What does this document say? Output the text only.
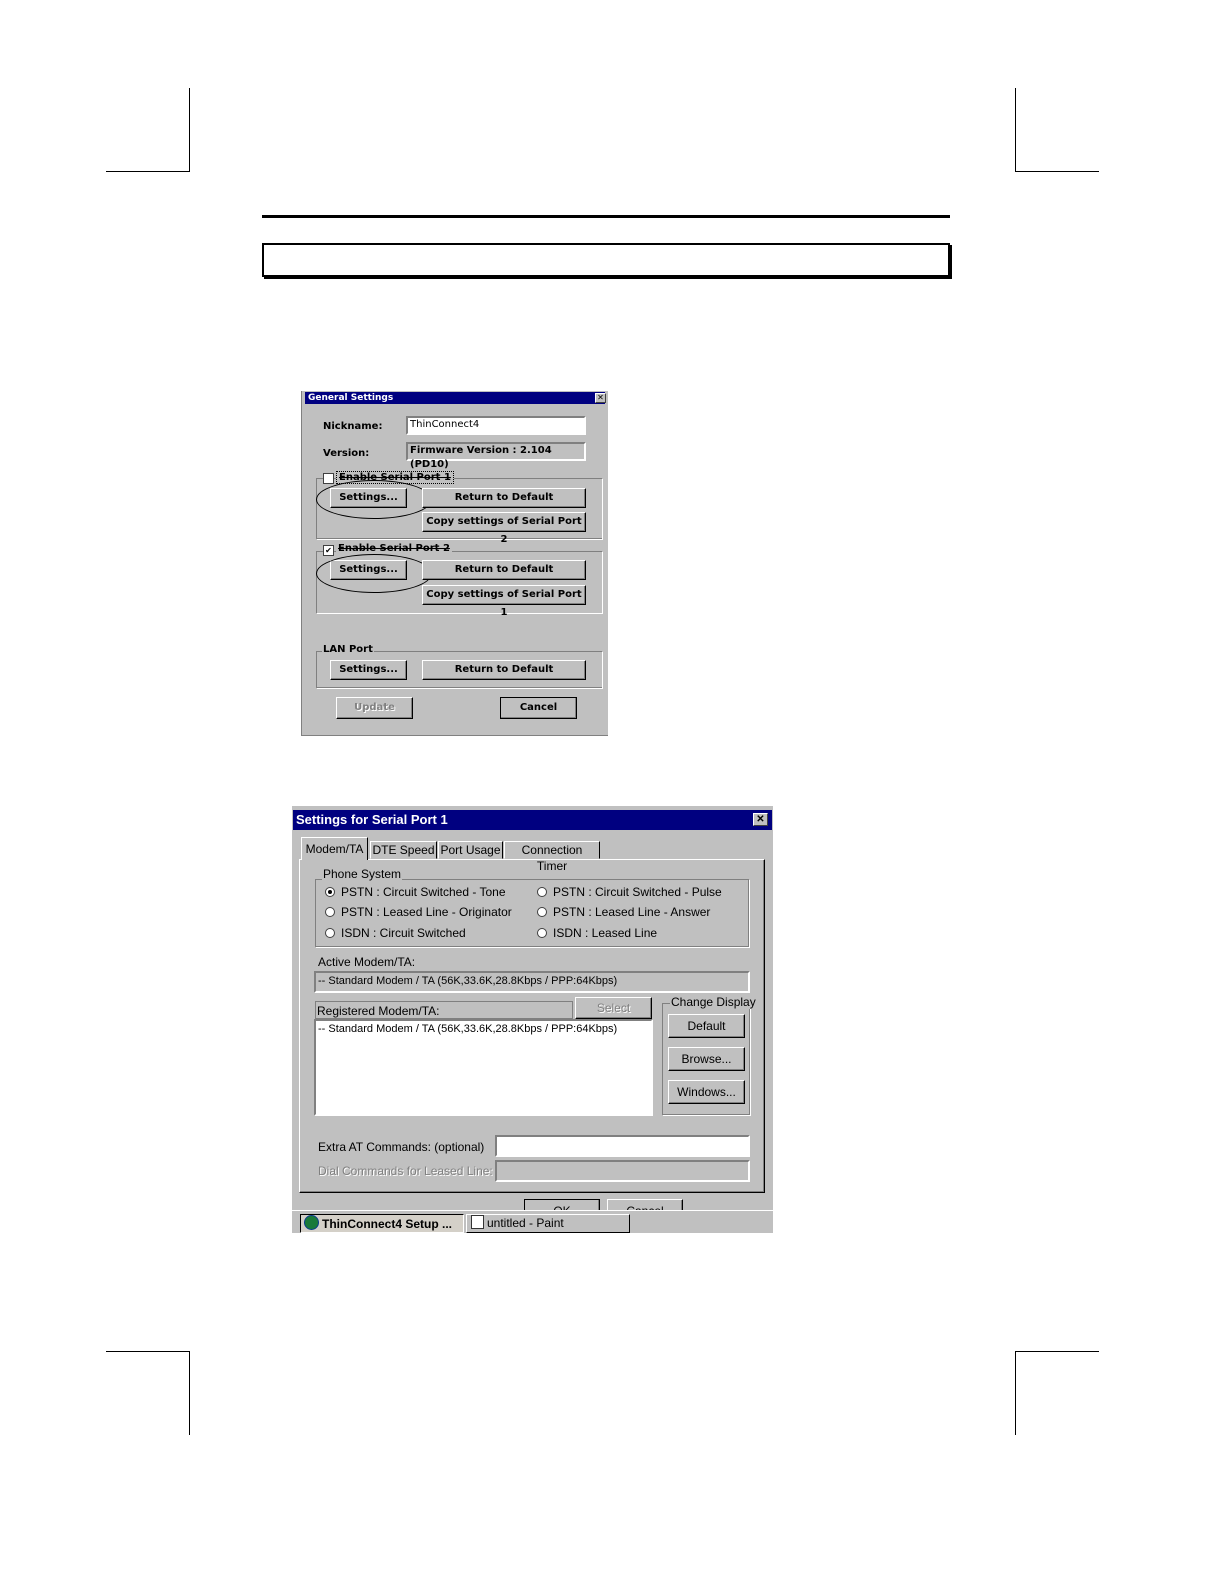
General Settings	✕
Nickname:	ThinConnect4
Version:	Firmware Version : 2.104 (PD10)
Enable Serial Port 1
Settings...	Return to Default
Copy settings of Serial Port 2
✔ Enable Serial Port 2
Settings...	Return to Default
Copy settings of Serial Port 1
LAN Port
Settings...	Return to Default
Update	Cancel
Settings for Serial Port 1	✕
Modem/TA DTE Speed Port Usage	Connection Timer
Phone System
PSTN : Circuit Switched - Tone	PSTN : Circuit Switched - Pulse
PSTN : Leased Line - Originator	PSTN : Leased Line - Answer
ISDN : Circuit Switched	ISDN : Leased Line
Active Modem/TA:
-- Standard Modem / TA (56K,33.6K,28.8Kbps / PPP:64Kbps)
Registered Modem/TA:	Select
-- Standard Modem / TA (56K,33.6K,28.8Kbps / PPP:64Kbps)
Change Display
Default
Browse...
Windows...
Extra AT Commands: (optional)
Dial Commands for Leased Line:
ThinConnect4 Setup ...	untitled - Paint
